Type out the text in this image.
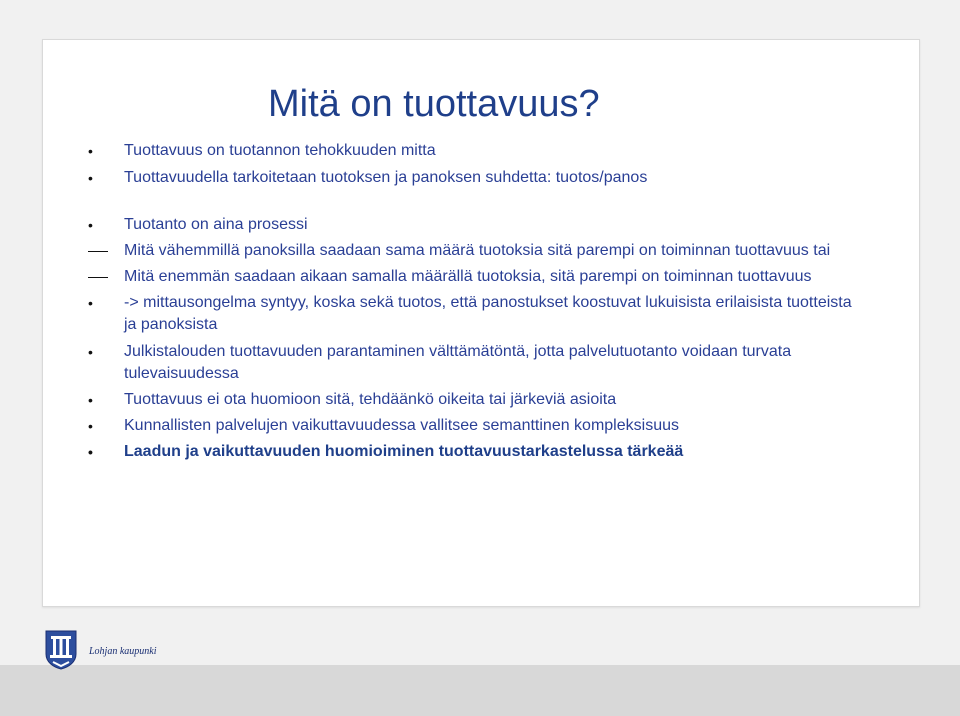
Mitä on tuottavuus?
Tuottavuus on tuotannon tehokkuuden mitta
Tuottavuudella tarkoitetaan tuotoksen ja panoksen suhdetta: tuotos/panos
Tuotanto on aina prosessi
Mitä vähemmillä panoksilla saadaan sama määrä tuotoksia sitä parempi on toiminnan tuottavuus tai
Mitä enemmän saadaan aikaan samalla määrällä tuotoksia, sitä parempi on toiminnan tuottavuus
-> mittausongelma syntyy, koska sekä tuotos, että panostukset koostuvat lukuisista erilaisista tuotteista ja panoksista
Julkistalouden tuottavuuden parantaminen välttämätöntä, jotta palvelutuotanto voidaan turvata tulevaisuudessa
Tuottavuus ei ota huomioon sitä, tehdäänkö oikeita tai järkeviä asioita
Kunnallisten palvelujen vaikuttavuudessa vallitsee semanttinen kompleksisuus
Laadun ja vaikuttavuuden huomioiminen tuottavuustarkastelussa tärkeää
Lohjan kaupunki
